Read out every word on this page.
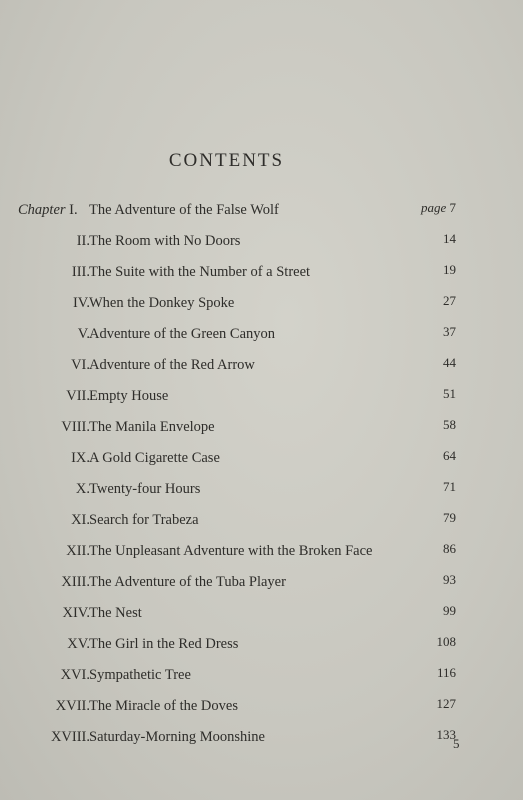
CONTENTS
Chapter I. The Adventure of the False Wolf	page 7
II. The Room with No Doors	14
III. The Suite with the Number of a Street	19
IV. When the Donkey Spoke	27
V. Adventure of the Green Canyon	37
VI. Adventure of the Red Arrow	44
VII. Empty House	51
VIII. The Manila Envelope	58
IX. A Gold Cigarette Case	64
X. Twenty-four Hours	71
XI. Search for Trabeza	79
XII. The Unpleasant Adventure with the Broken Face	86
XIII. The Adventure of the Tuba Player	93
XIV. The Nest	99
XV. The Girl in the Red Dress	108
XVI. Sympathetic Tree	116
XVII. The Miracle of the Doves	127
XVIII. Saturday-Morning Moonshine	133
5
